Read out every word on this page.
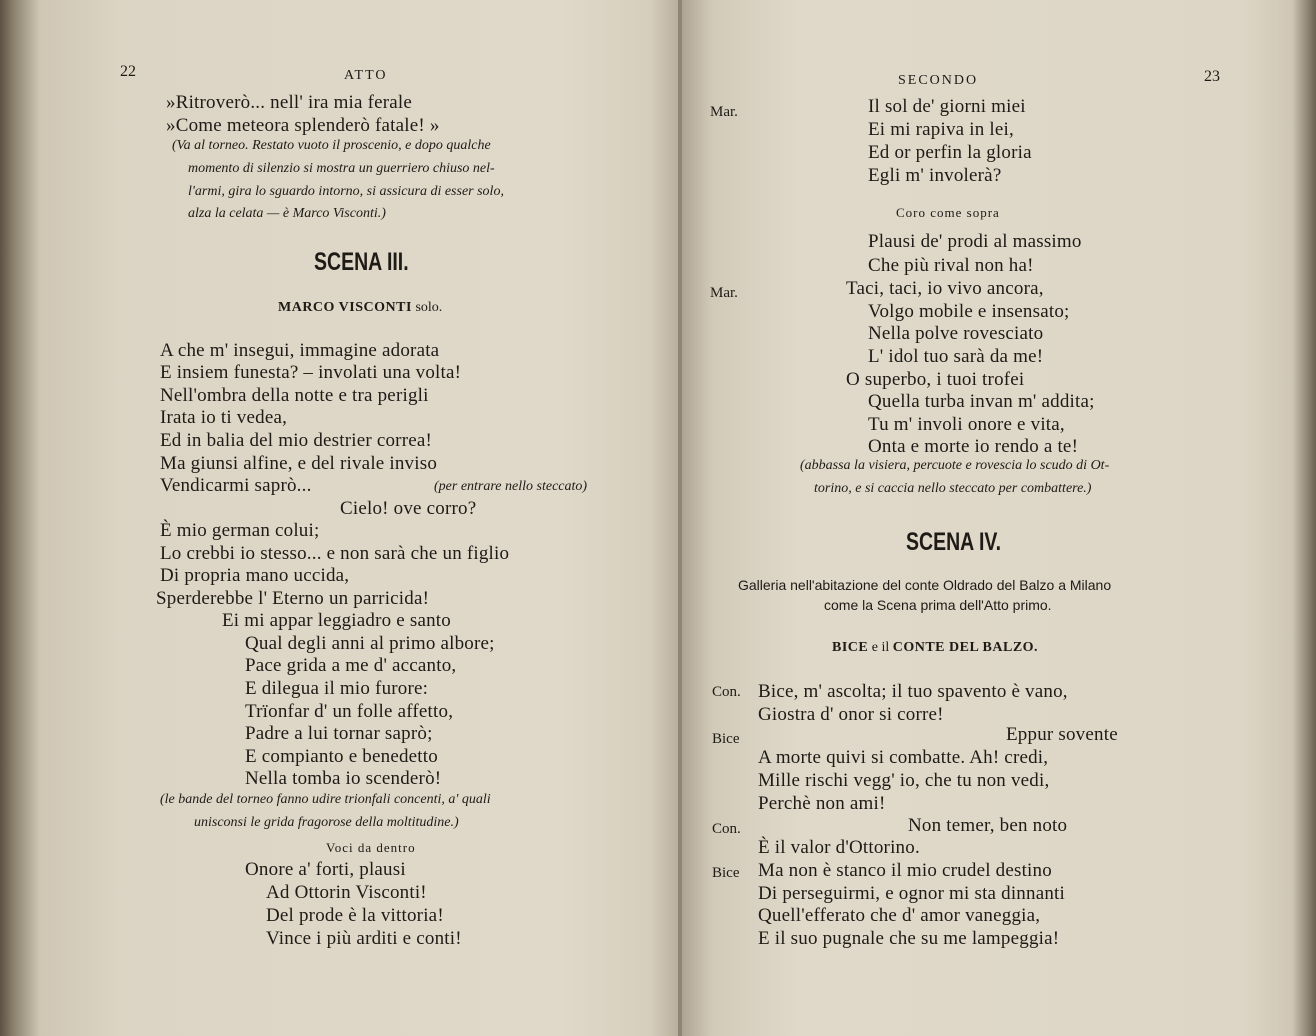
22	ATTO
»Ritroverò... nell' ira mia ferale
»Come meteora splenderò fatale! »
(Va al torneo. Restato vuoto il proscenio, e dopo qualche
momento di silenzio si mostra un guerriero chiuso nel-
l'armi, gira lo sguardo intorno, si assicura di esser solo,
alza la celata — è Marco Visconti.)
SCENA III.
MARCO VISCONTI solo.
A che m' insegui, immagine adorata
E insiem funesta? – involati una volta!
Nell'ombra della notte e tra perigli
Irata io ti vedea,
Ed in balia del mio destrier correa!
Ma giunsi alfine, e del rivale inviso
Vendicarmi saprò...	(per entrare nello steccato)
Cielo! ove corro?
È mio german colui;
Lo crebbi io stesso... e non sarà che un figlio
Di propria mano uccida,
Sperderebbe l' Eterno un parricida!
Ei mi appar leggiadro e santo
Qual degli anni al primo albore;
Pace grida a me d' accanto,
E dilegua il mio furore:
Trïonfar d' un folle affetto,
Padre a lui tornar saprò;
E compianto e benedetto
Nella tomba io scenderò!
(le bande del torneo fanno udire trionfali concenti, a' quali
unisconsi le grida fragorose della moltitudine.)
Voci da dentro
Onore a' forti, plausi
Ad Ottorin Visconti!
Del prode è la vittoria!
Vince i più arditi e conti!
SECONDO	23
Mar.	Il sol de' giorni miei
Ei mi rapiva in lei,
Ed or perfin la gloria
Egli m' involerà?
Coro come sopra
Plausi de' prodi al massimo
Che più rival non ha!
Mar.	Taci, taci, io vivo ancora,
Volgo mobile e insensato;
Nella polve rovesciato
L' idol tuo sarà da me!
O superbo, i tuoi trofei
Quella turba invan m' addita;
Tu m' involi onore e vita,
Onta e morte io rendo a te!
(abbassa la visiera, percuote e rovescia lo scudo di Ot-
torino, e si caccia nello steccato per combattere.)
SCENA IV.
Galleria nell'abitazione del conte Oldrado del Balzo a Milano
come la Scena prima dell'Atto primo.
BICE e il CONTE DEL BALZO.
Con. Bice, m' ascolta; il tuo spavento è vano,
Giostra d' onor si corre!
Bice	Eppur sovente
A morte quivi si combatte. Ah! credi,
Mille rischi vegg' io, che tu non vedi,
Perchè non ami!
Con.	Non temer, ben noto
È il valor d'Ottorino.
Bice Ma non è stanco il mio crudel destino
Di perseguirmi, e ognor mi sta dinnanti
Quell'efferato che d' amor vaneggia,
E il suo pugnale che su me lampeggia!
